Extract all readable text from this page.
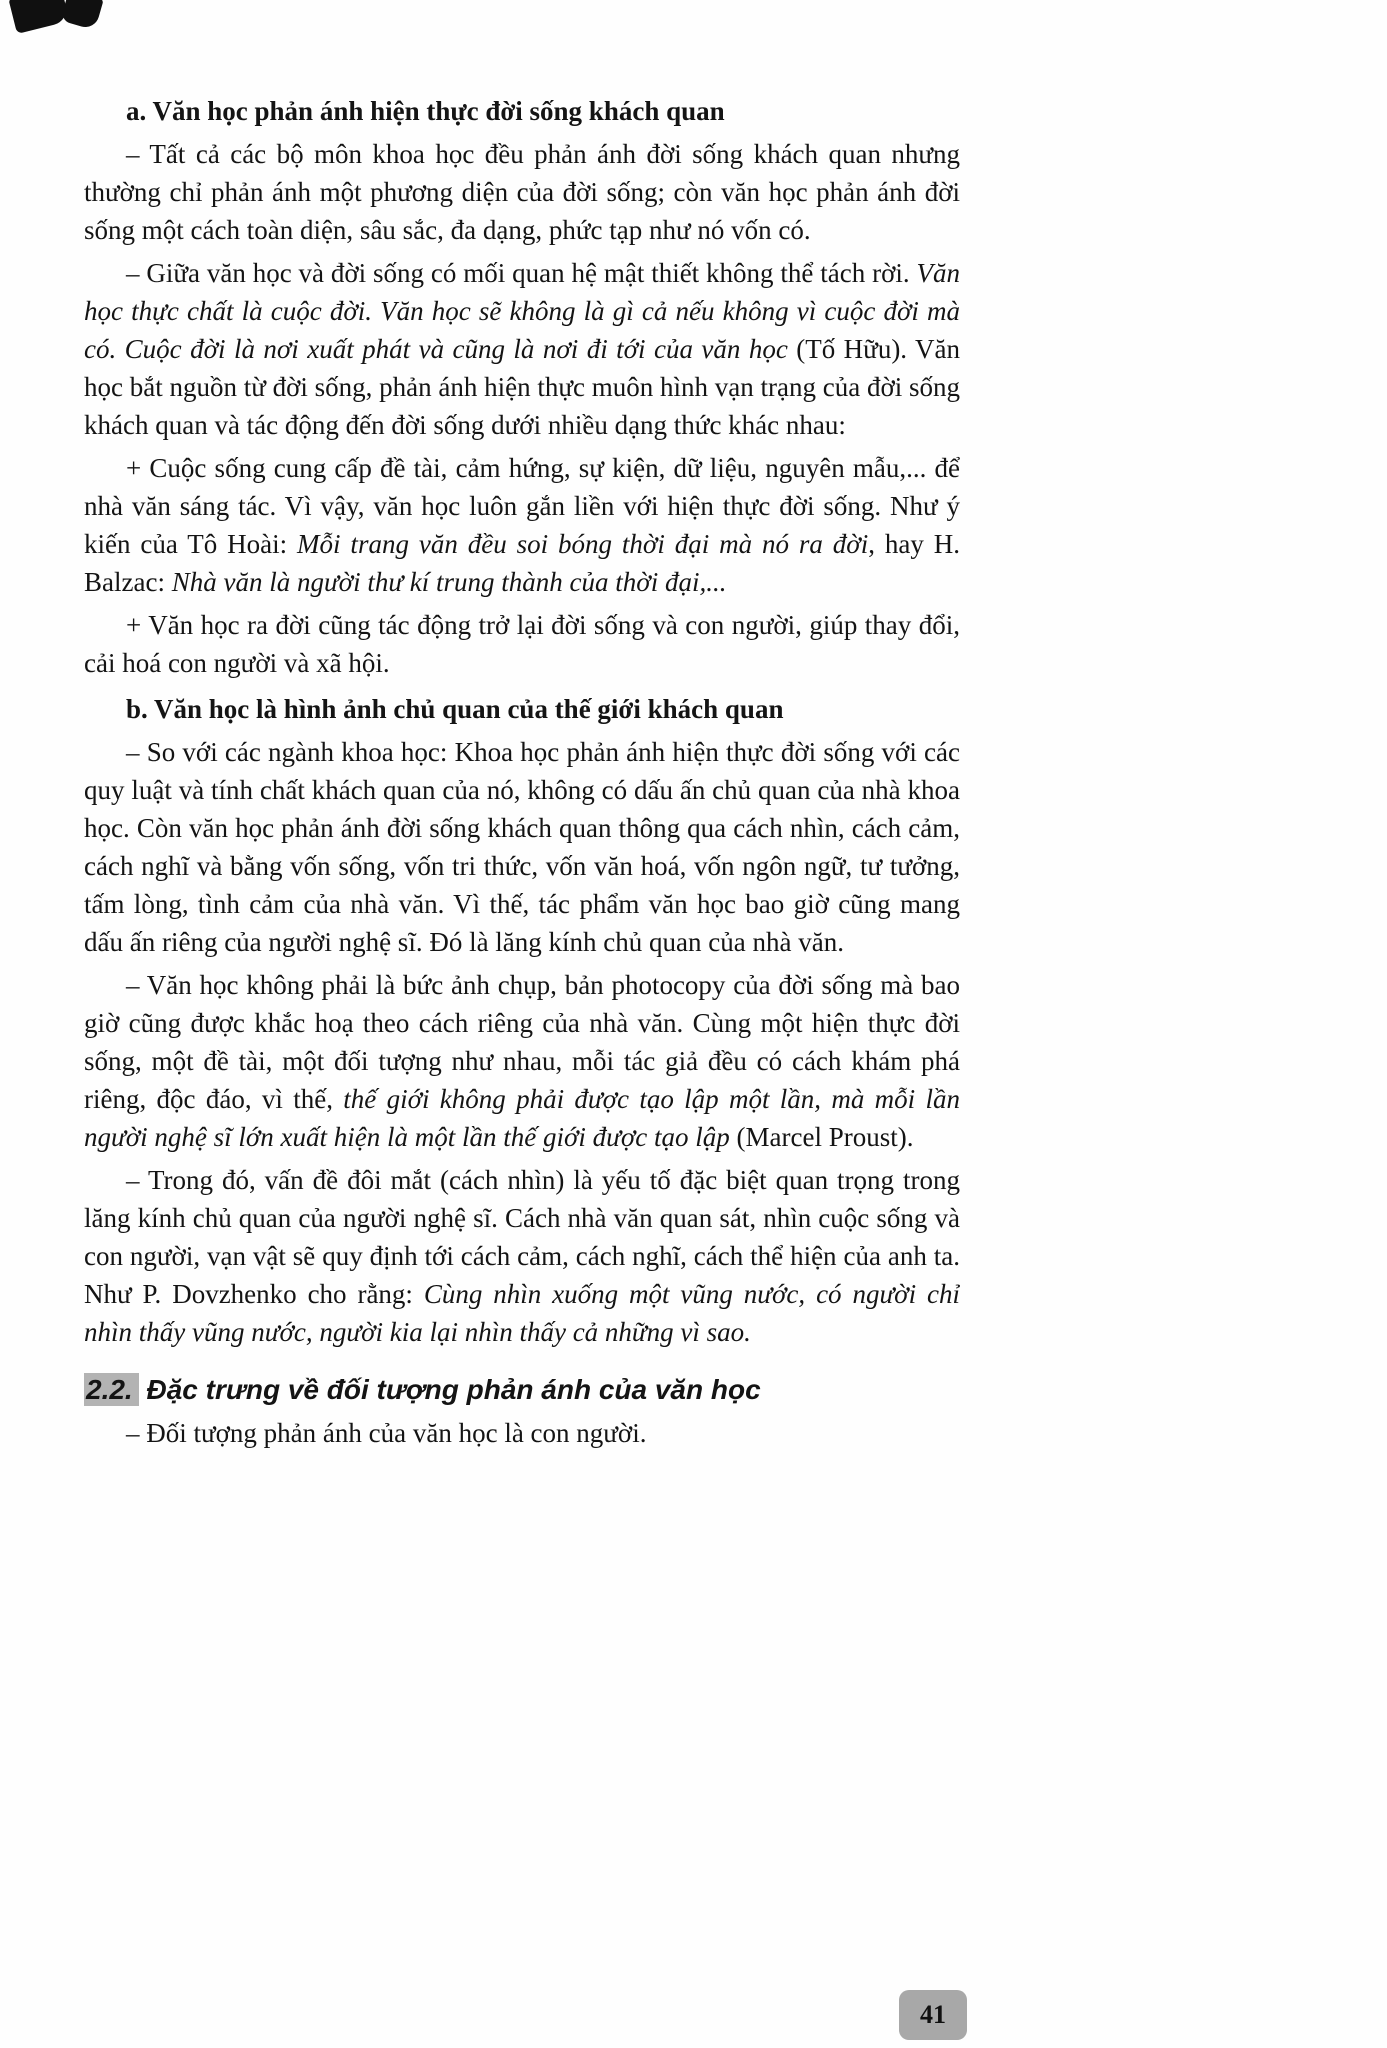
a. Văn học phản ánh hiện thực đời sống khách quan

– Tất cả các bộ môn khoa học đều phản ánh đời sống khách quan nhưng thường chỉ phản ánh một phương diện của đời sống; còn văn học phản ánh đời sống một cách toàn diện, sâu sắc, đa dạng, phức tạp như nó vốn có.

– Giữa văn học và đời sống có mối quan hệ mật thiết không thể tách rời. Văn học thực chất là cuộc đời. Văn học sẽ không là gì cả nếu không vì cuộc đời mà có. Cuộc đời là nơi xuất phát và cũng là nơi đi tới của văn học (Tố Hữu). Văn học bắt nguồn từ đời sống, phản ánh hiện thực muôn hình vạn trạng của đời sống khách quan và tác động đến đời sống dưới nhiều dạng thức khác nhau:

+ Cuộc sống cung cấp đề tài, cảm hứng, sự kiện, dữ liệu, nguyên mẫu,... để nhà văn sáng tác. Vì vậy, văn học luôn gắn liền với hiện thực đời sống. Như ý kiến của Tô Hoài: Mỗi trang văn đều soi bóng thời đại mà nó ra đời, hay H. Balzac: Nhà văn là người thư kí trung thành của thời đại,...

+ Văn học ra đời cũng tác động trở lại đời sống và con người, giúp thay đổi, cải hoá con người và xã hội.

b. Văn học là hình ảnh chủ quan của thế giới khách quan

– So với các ngành khoa học: Khoa học phản ánh hiện thực đời sống với các quy luật và tính chất khách quan của nó, không có dấu ấn chủ quan của nhà khoa học. Còn văn học phản ánh đời sống khách quan thông qua cách nhìn, cách cảm, cách nghĩ và bằng vốn sống, vốn tri thức, vốn văn hoá, vốn ngôn ngữ, tư tưởng, tấm lòng, tình cảm của nhà văn. Vì thế, tác phẩm văn học bao giờ cũng mang dấu ấn riêng của người nghệ sĩ. Đó là lăng kính chủ quan của nhà văn.

– Văn học không phải là bức ảnh chụp, bản photocopy của đời sống mà bao giờ cũng được khắc hoạ theo cách riêng của nhà văn. Cùng một hiện thực đời sống, một đề tài, một đối tượng như nhau, mỗi tác giả đều có cách khám phá riêng, độc đáo, vì thế, thế giới không phải được tạo lập một lần, mà mỗi lần người nghệ sĩ lớn xuất hiện là một lần thế giới được tạo lập (Marcel Proust).

– Trong đó, vấn đề đôi mắt (cách nhìn) là yếu tố đặc biệt quan trọng trong lăng kính chủ quan của người nghệ sĩ. Cách nhà văn quan sát, nhìn cuộc sống và con người, vạn vật sẽ quy định tới cách cảm, cách nghĩ, cách thể hiện của anh ta. Như P. Dovzhenko cho rằng: Cùng nhìn xuống một vũng nước, có người chỉ nhìn thấy vũng nước, người kia lại nhìn thấy cả những vì sao.

2.2. Đặc trưng về đối tượng phản ánh của văn học

– Đối tượng phản ánh của văn học là con người.

41
